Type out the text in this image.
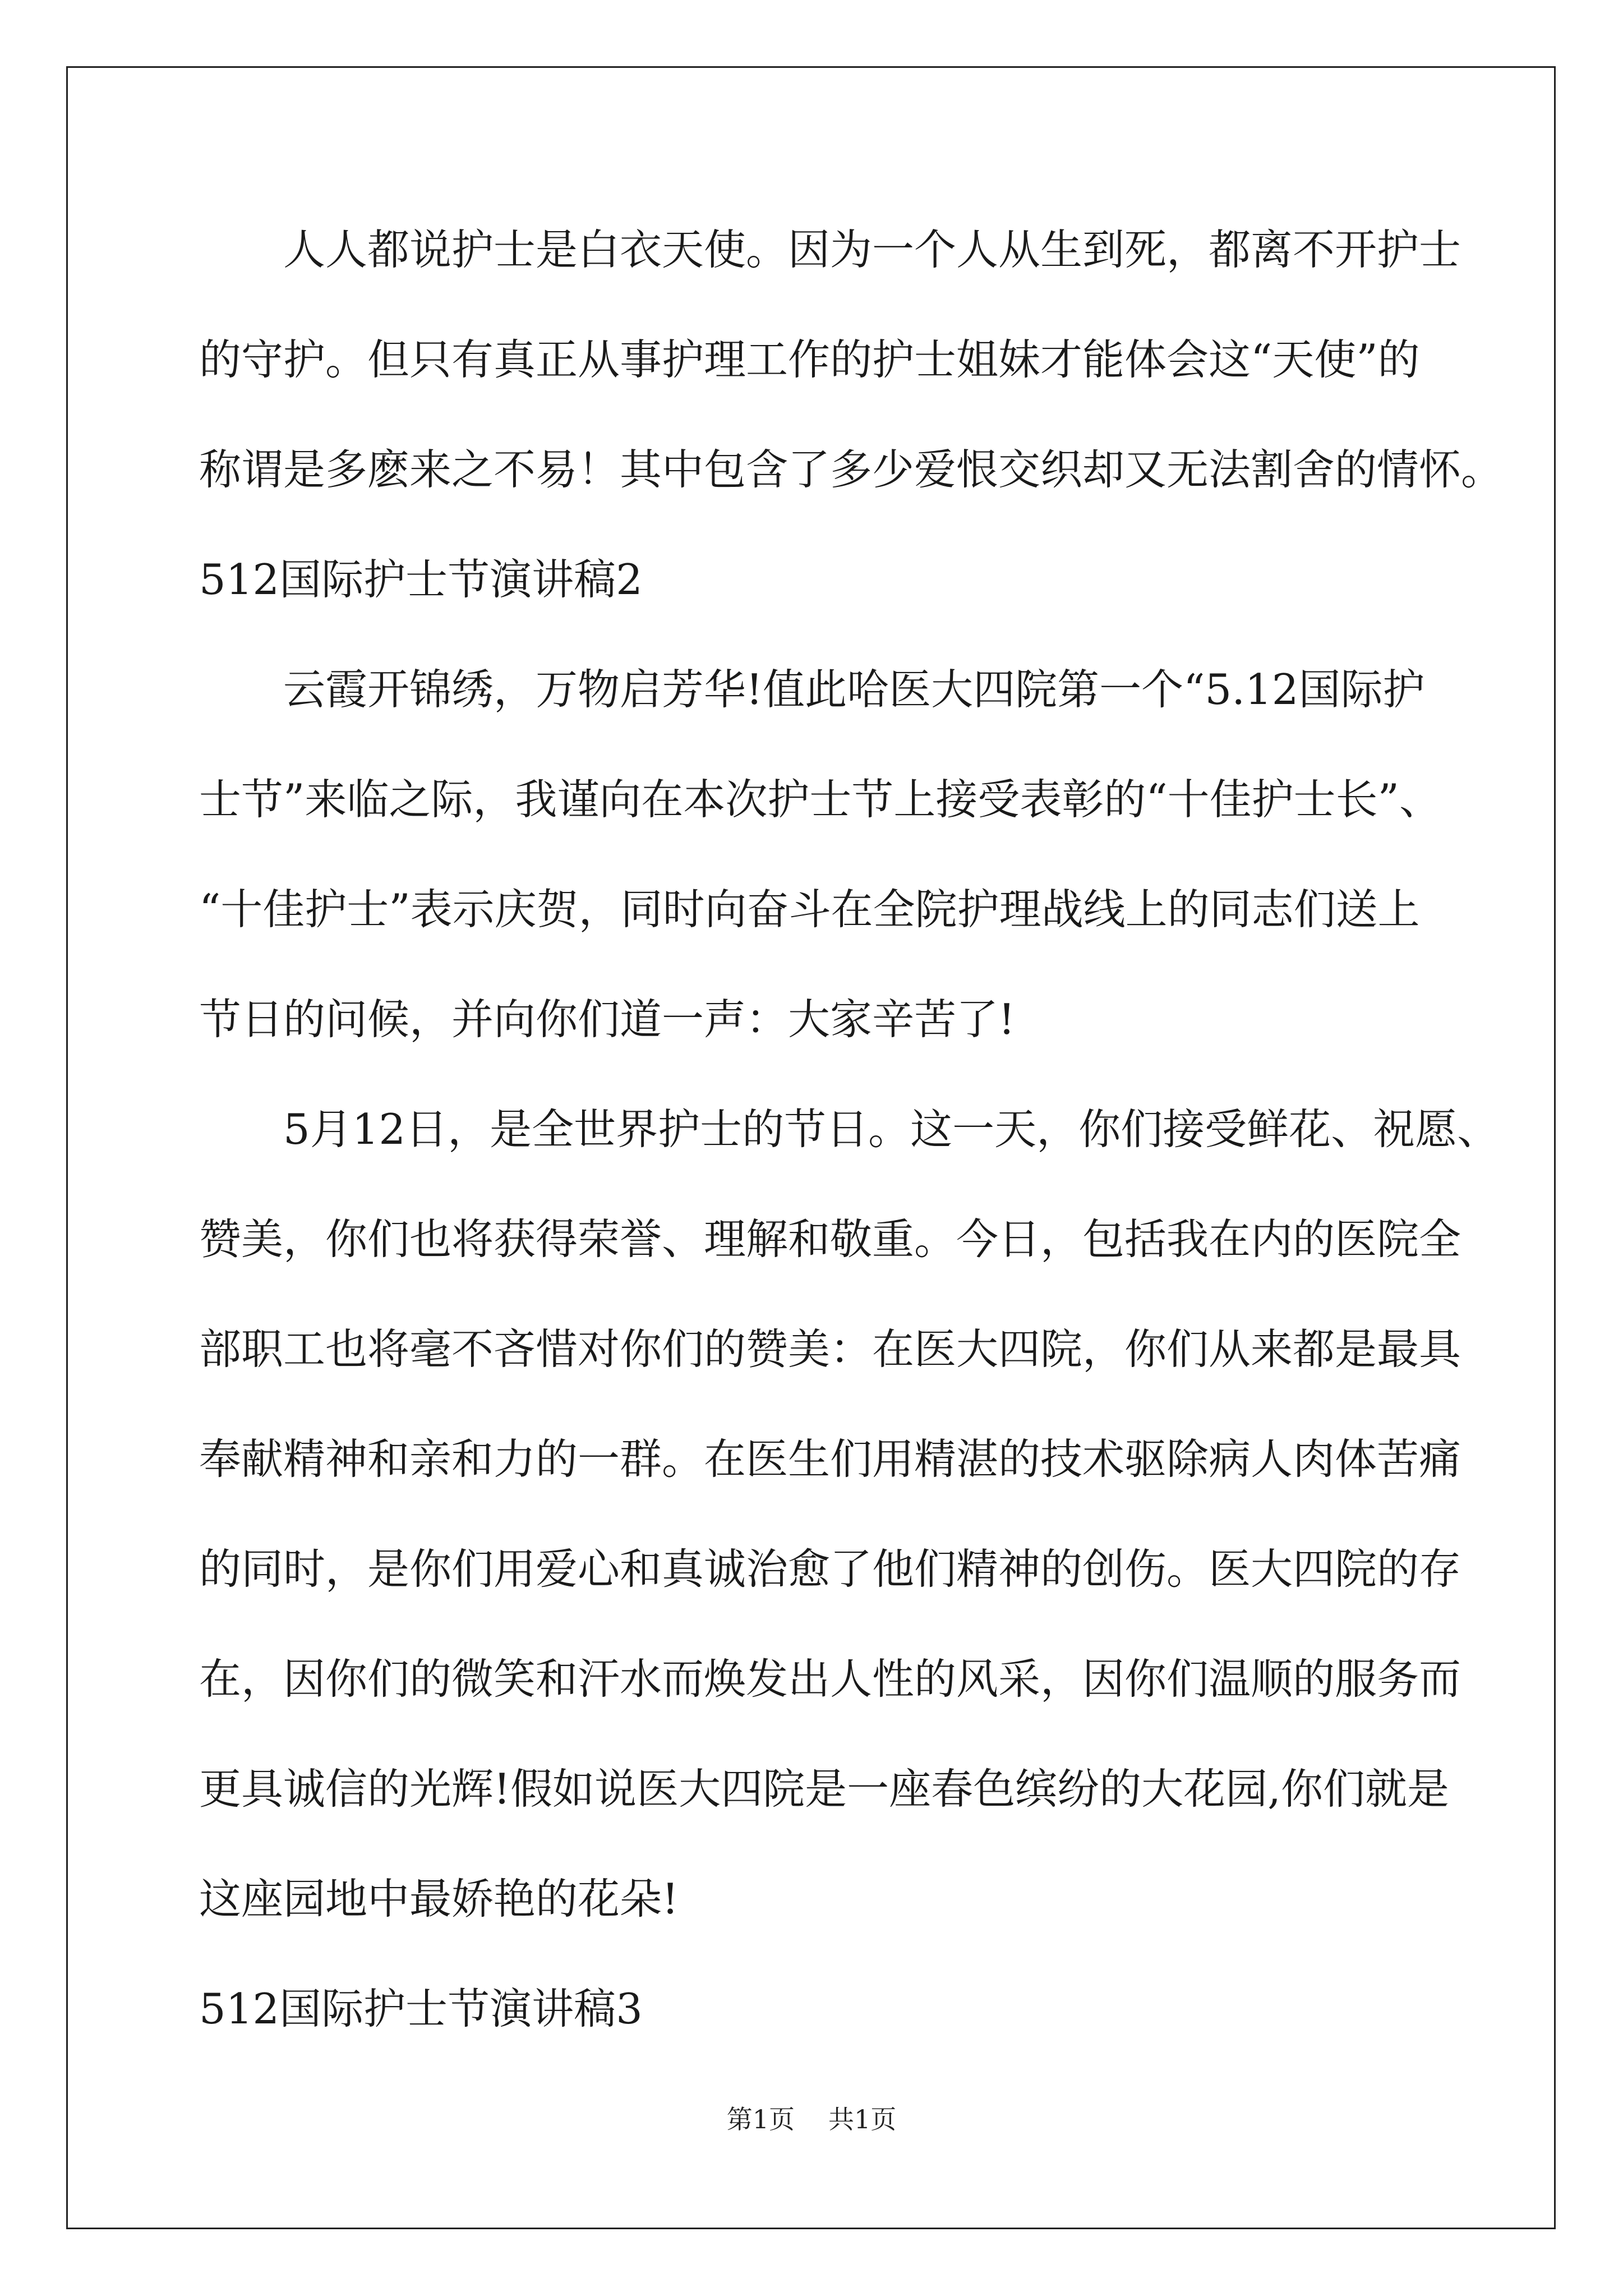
人人都说护士是白衣天使。因为一个人从生到死，都离不开护士
的守护。但只有真正从事护理工作的护士姐妹才能体会这“天使”的
称谓是多麽来之不易！其中包含了多少爱恨交织却又无法割舍的情怀。
512国际护士节演讲稿2
云霞开锦绣，万物启芳华!值此哈医大四院第一个“5.12国际护
士节”来临之际，我谨向在本次护士节上接受表彰的“十佳护士长”、
“十佳护士”表示庆贺，同时向奋斗在全院护理战线上的同志们送上
节日的问候，并向你们道一声：大家辛苦了!
5月12日，是全世界护士的节日。这一天，你们接受鲜花、祝愿、
赞美，你们也将获得荣誉、理解和敬重。今日，包括我在内的医院全
部职工也将毫不吝惜对你们的赞美：在医大四院，你们从来都是最具
奉献精神和亲和力的一群。在医生们用精湛的技术驱除病人肉体苦痛
的同时，是你们用爱心和真诚治愈了他们精神的创伤。医大四院的存
在，因你们的微笑和汗水而焕发出人性的风采，因你们温顺的服务而
更具诚信的光辉!假如说医大四院是一座春色缤纷的大花园,你们就是
这座园地中最娇艳的花朵!
512国际护士节演讲稿3
第1页 共1页
